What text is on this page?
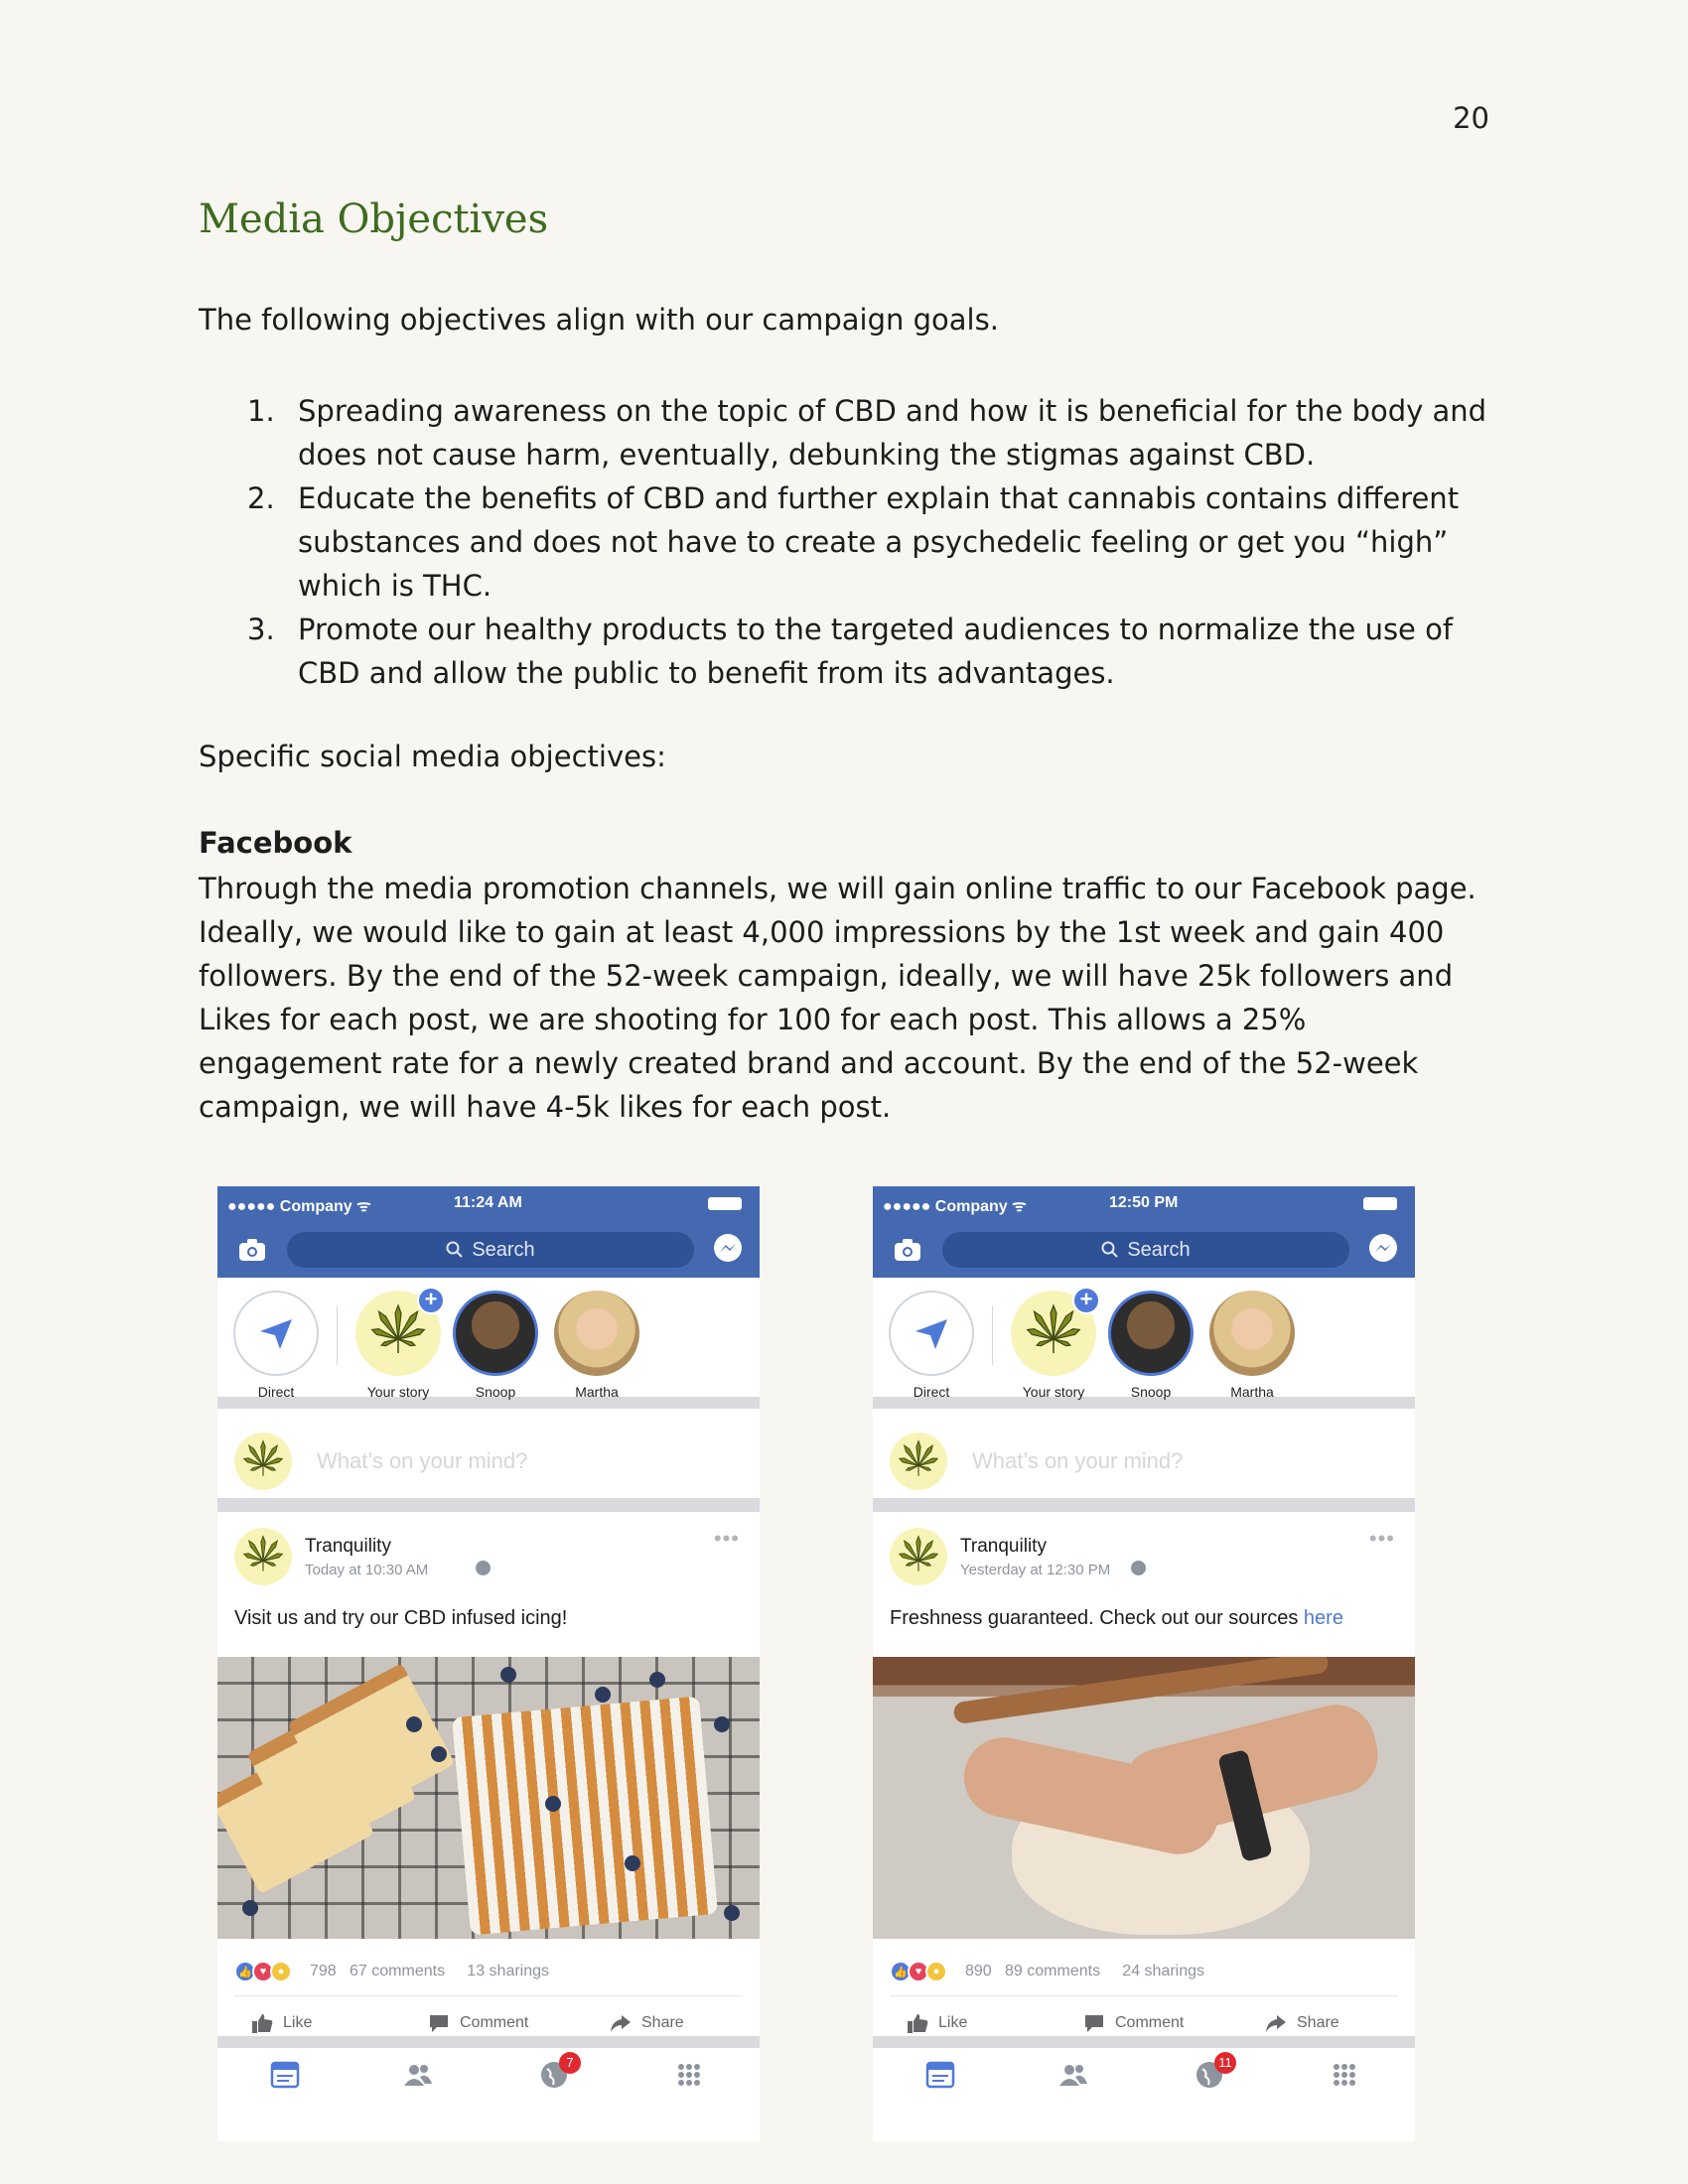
20
Media Objectives

The following objectives align with our campaign goals.

1. Spreading awareness on the topic of CBD and how it is beneficial for the body and does not cause harm, eventually, debunking the stigmas against CBD.
2. Educate the benefits of CBD and further explain that cannabis contains different substances and does not have to create a psychedelic feeling or get you “high” which is THC.
3. Promote our healthy products to the targeted audiences to normalize the use of CBD and allow the public to benefit from its advantages.

Specific social media objectives:

Facebook

Through the media promotion channels, we will gain online traffic to our Facebook page. Ideally, we would like to gain at least 4,000 impressions by the 1st week and gain 400 followers. By the end of the 52-week campaign, ideally, we will have 25k followers and Likes for each post, we are shooting for 100 for each post. This allows a 25% engagement rate for a newly created brand and account. By the end of the 52-week campaign, we will have 4-5k likes for each post.

●●●●● Company ᯤ	11:24 AM
Search
Direct
+
Your story	Snoop	Martha
What’s on your mind?
Tranquility
Today at 10:30 AM
•••
Visit us and try our CBD infused icing!
👍 ♥	●	798   67 comments     13 sharings
Like	Comment	Share
7
●●●●● Company ᯤ	12:50 PM
Search
Direct
+
Your story	Snoop	Martha
What’s on your mind?
Tranquility
Yesterday at 12:30 PM
•••
Freshness guaranteed. Check out our sources here
👍 ♥	●	890   89 comments     24 sharings
Like	Comment	Share
11
